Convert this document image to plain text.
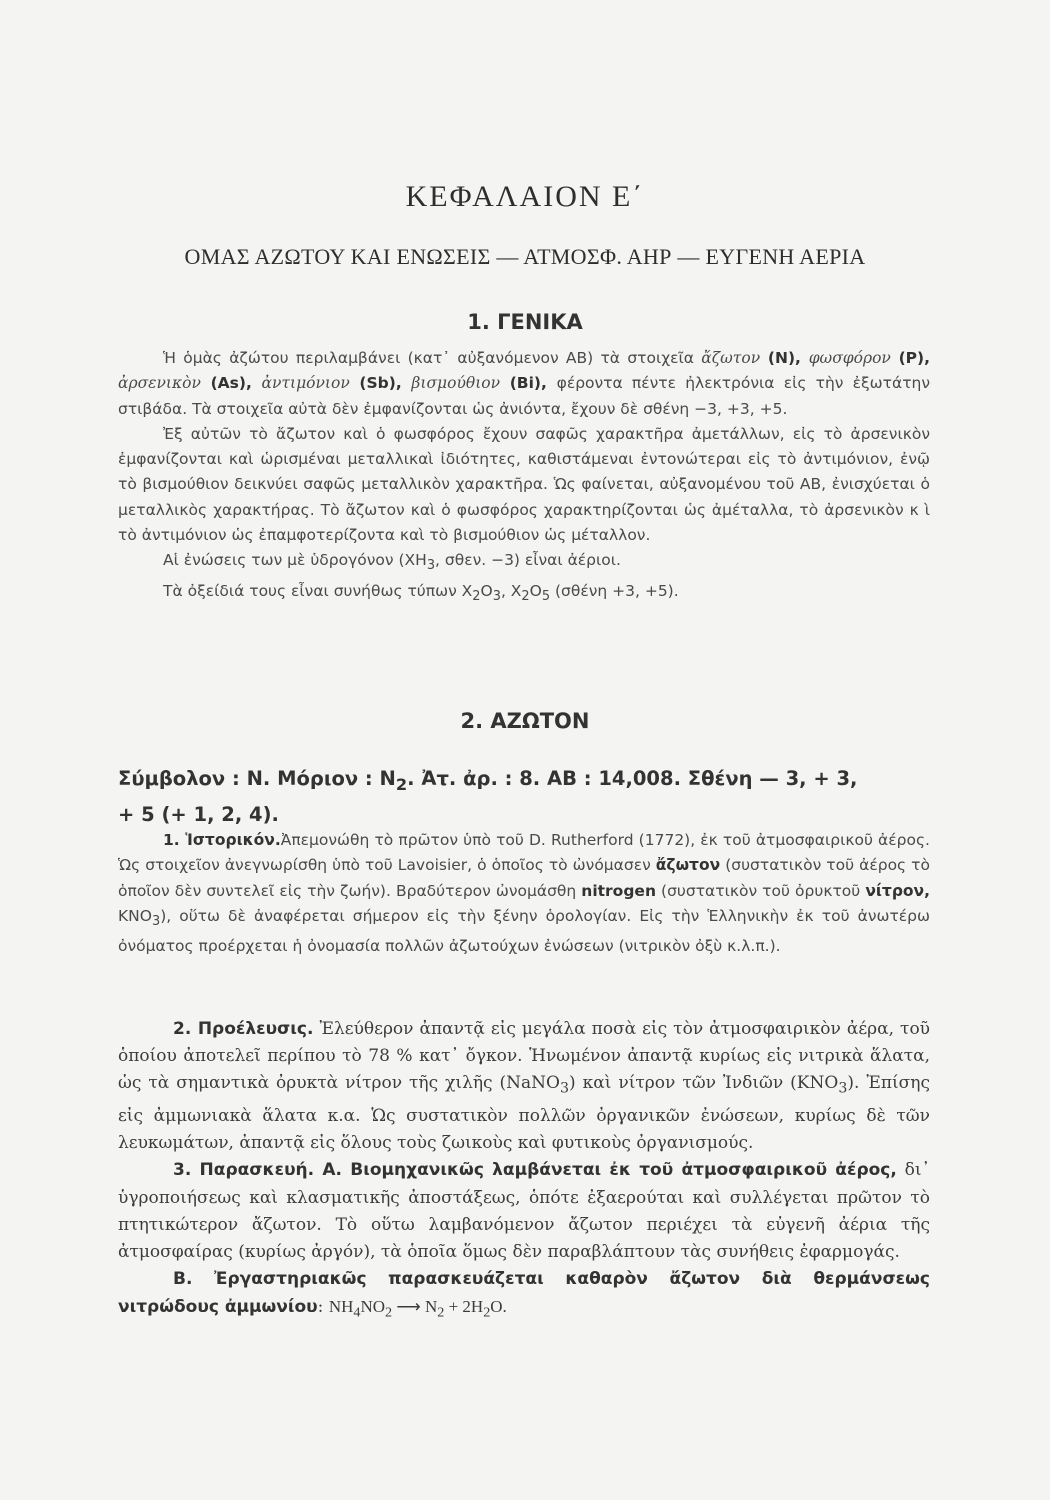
ΚΕΦΑΛΑΙΟΝ Ε΄
ΟΜΑΣ ΑΖΩΤΟΥ ΚΑΙ ΕΝΩΣΕΙΣ — ΑΤΜΟΣΦ. ΑΗΡ — ΕΥΓΕΝΗ ΑΕΡΙΑ
1. ΓΕΝΙΚΑ

Ἡ ὁμὰς ἀζώτου περιλαμβάνει (κατ᾽ αὐξανόμενον ΑΒ) τὰ στοιχεῖα ἄζωτον (N), φωσφόρον (P), ἀρσενικὸν (As), ἀντιμόνιον (Sb), βισμούθιον (Bi), φέροντα πέντε ἠλεκτρόνια εἰς τὴν ἐξωτάτην στιβάδα. Τὰ στοιχεῖα αὐτὰ δὲν ἐμφανίζονται ὡς ἀνιόντα, ἔχουν δὲ σθένη −3, +3, +5.

Ἐξ αὐτῶν τὸ ἄζωτον καὶ ὁ φωσφόρος ἔχουν σαφῶς χαρακτῆρα ἀμετάλλων, εἰς τὸ ἀρσενικὸν ἐμφανίζονται καὶ ὡρισμέναι μεταλλικαὶ ἰδιότητες, καθιστάμεναι ἐντονώτεραι εἰς τὸ ἀντιμόνιον, ἐνῷ τὸ βισμούθιον δεικνύει σαφῶς μεταλλικὸν χαρακτῆρα. Ὡς φαίνεται, αὐξανομένου τοῦ ΑΒ, ἐνισχύεται ὁ μεταλλικὸς χαρακτήρας. Τὸ ἄζωτον καὶ ὁ φωσφόρος χαρακτηρίζονται ὡς ἀμέταλλα, τὸ ἀρσενικὸν κ ὶ τὸ ἀντιμόνιον ὡς ἐπαμφοτερίζοντα καὶ τὸ βισμούθιον ὡς μέταλλον.

Αἱ ἐνώσεις των μὲ ὑδρογόνον ($XH_3$, σθεν. −3) εἶναι ἀέριοι.

Τὰ ὀξείδιά τους εἶναι συνήθως τύπων $X_2O_3$, $X_2O_5$ (σθένη +3, +5).

2. ΑΖΩΤΟΝ
Σύμβολον : N. Μόριον : $N_2$. Ἀτ. ἀρ. : 8. ΑΒ : 14,008. Σθένη — 3, + 3,
+ 5 (+ 1, 2, 4).

1. Ἱστορικόν.Ἀπεμονώθη τὸ πρῶτον ὑπὸ τοῦ D. Rutherford (1772), ἐκ τοῦ ἀτμοσφαιρικοῦ ἀέρος. Ὡς στοιχεῖον ἀνεγνωρίσθη ὑπὸ τοῦ Lavoisier, ὁ ὁποῖος τὸ ὠνόμασεν ἄζωτον (συστατικὸν τοῦ ἀέρος τὸ ὁποῖον δὲν συντελεῖ εἰς τὴν ζωήν). Βραδύτερον ὠνομάσθη nitrogen (συστατικὸν τοῦ ὀρυκτοῦ νίτρον, $KNO_3$), οὕτω δὲ ἀναφέρεται σήμερον εἰς τὴν ξένην ὁρολογίαν. Εἰς τὴν Ἑλληνικὴν ἐκ τοῦ ἀνωτέρω ὀνόματος προέρχεται ἡ ὀνομασία πολλῶν ἀζωτούχων ἐνώσεων (νιτρικὸν ὀξὺ κ.λ.π.).

2. Προέλευσις. Ἐλεύθερον ἀπαντᾷ εἰς μεγάλα ποσὰ εἰς τὸν ἀτμοσφαιρικὸν ἀέρα, τοῦ ὁποίου ἀποτελεῖ περίπου τὸ 78 % κατ᾽ ὄγκον. Ἡνωμένον ἀπαντᾷ κυρίως εἰς νιτρικὰ ἅλατα, ὡς τὰ σημαντικὰ ὀρυκτὰ νίτρον τῆς χιλῆς (NaNO$_3$) καὶ νίτρον τῶν Ἰνδιῶν $(KNO_3)$. Ἐπίσης εἰς ἀμμωνιακὰ ἅλατα κ.α. Ὡς συστατικὸν πολλῶν ὀργανικῶν ἐνώσεων, κυρίως δὲ τῶν λευκωμάτων, ἀπαντᾷ εἰς ὅλους τοὺς ζωικοὺς καὶ φυτικοὺς ὀργανισμούς.

3. Παρασκευή. Α. Βιομηχανικῶς λαμβάνεται ἐκ τοῦ ἀτμοσφαιρικοῦ ἀέρος, δι᾽ ὑγροποιήσεως καὶ κλασματικῆς ἀποστάξεως, ὁπότε ἐξαερούται καὶ συλλέγεται πρῶτον τὸ πτητικώτερον ἄζωτον. Τὸ οὕτω λαμβανόμενον ἄζωτον περιέχει τὰ εὐγενῆ ἀέρια τῆς ἀτμοσφαίρας (κυρίως ἀργόν), τὰ ὁποῖα ὅμως δὲν παραβλάπτουν τὰς συνήθεις ἐφαρμογάς.

Β. Ἐργαστηριακῶς παρασκευάζεται καθαρὸν ἄζωτον διὰ θερμάνσεως νιτρώδους ἀμμωνίου: $NH_4NO_2$ ⟶ $N_2 + 2H_2O$.
